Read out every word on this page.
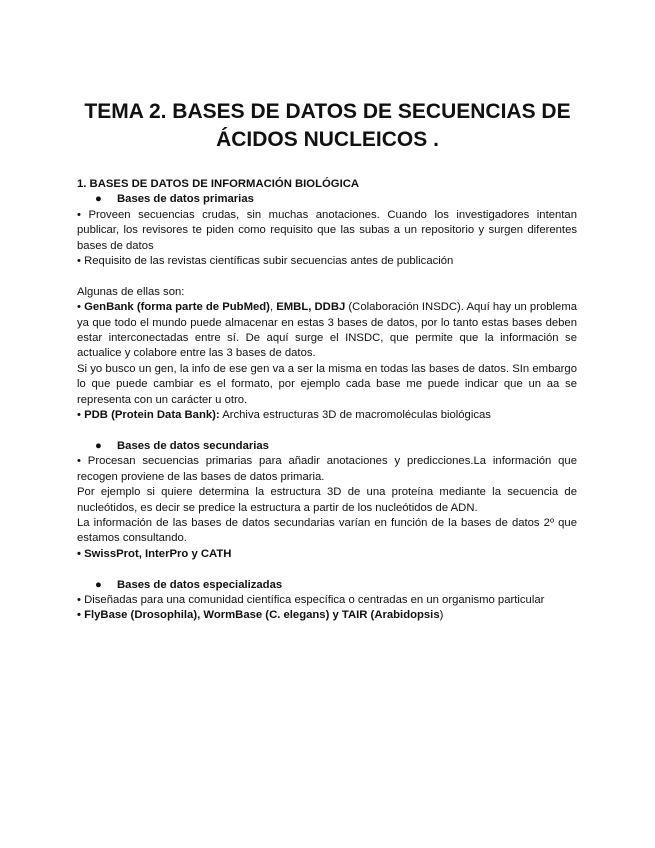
TEMA 2. BASES DE DATOS DE SECUENCIAS DE
ÁCIDOS NUCLEICOS .

1. BASES DE DATOS DE INFORMACIÓN BIOLÓGICA

● Bases de datos primarias

• Proveen secuencias crudas, sin muchas anotaciones. Cuando los investigadores intentan publicar, los revisores te piden como requisito que las subas a un repositorio y surgen diferentes bases de datos

• Requisito de las revistas científicas subir secuencias antes de publicación

Algunas de ellas son:

• GenBank (forma parte de PubMed), EMBL, DDBJ (Colaboración INSDC). Aquí hay un problema ya que todo el mundo puede almacenar en estas 3 bases de datos, por lo tanto estas bases deben estar interconectadas entre sí. De aquí surge el INSDC, que permite que la información se actualice y colabore entre las 3 bases de datos.

Si yo busco un gen, la info de ese gen va a ser la misma en todas las bases de datos. SIn embargo lo que puede cambiar es el formato, por ejemplo cada base me puede indicar que un aa se representa con un carácter u otro.

• PDB (Protein Data Bank): Archiva estructuras 3D de macromoléculas biológicas

● Bases de datos secundarias

• Procesan secuencias primarias para añadir anotaciones y predicciones.La información que recogen proviene de las bases de datos primaria.

Por ejemplo si quiere determina la estructura 3D de una proteína mediante la secuencia de nucleótidos, es decir se predice la estructura a partir de los nucleótidos de ADN.

La información de las bases de datos secundarias varían en función de la bases de datos 2º que estamos consultando.

• SwissProt, InterPro y CATH

● Bases de datos especializadas

• Diseñadas para una comunidad científica específica o centradas en un organismo particular

• FlyBase (Drosophila), WormBase (C. elegans) y TAIR (Arabidopsis)
